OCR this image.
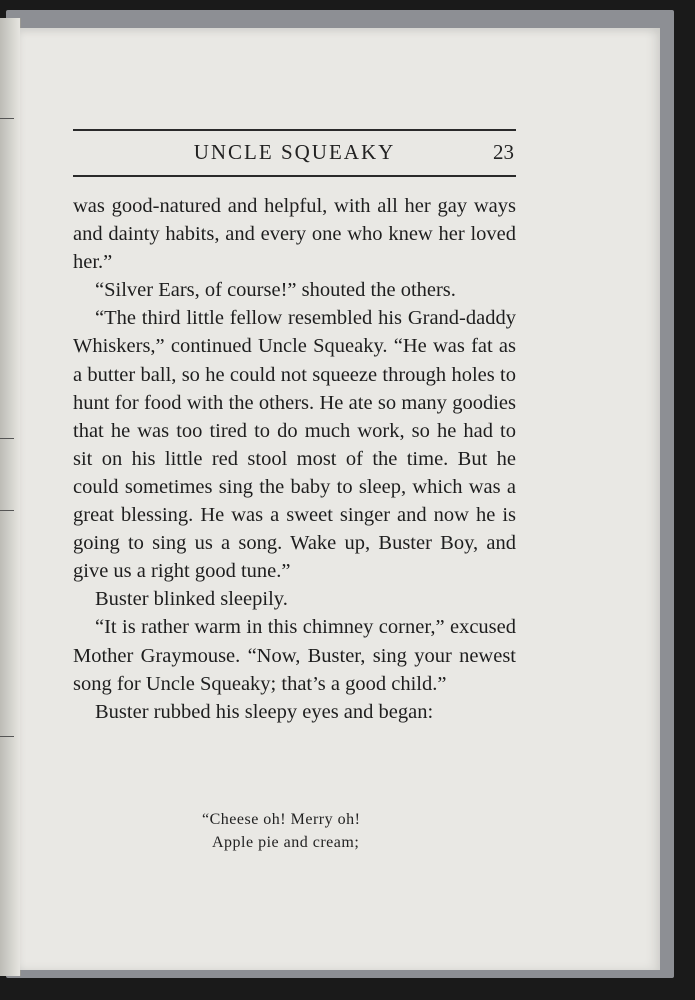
UNCLE SQUEAKY	23

was good-natured and helpful, with all her gay ways and dainty habits, and every one who knew her loved her.”

“Silver Ears, of course!” shouted the others.

“The third little fellow resembled his Grand-daddy Whiskers,” continued Uncle Squeaky. “He was fat as a butter ball, so he could not squeeze through holes to hunt for food with the others. He ate so many goodies that he was too tired to do much work, so he had to sit on his little red stool most of the time. But he could sometimes sing the baby to sleep, which was a great blessing. He was a sweet singer and now he is going to sing us a song. Wake up, Buster Boy, and give us a right good tune.”

Buster blinked sleepily.

“It is rather warm in this chimney corner,” excused Mother Graymouse. “Now, Buster, sing your newest song for Uncle Squeaky; that’s a good child.”

Buster rubbed his sleepy eyes and began:

“Cheese oh! Merry oh!
Apple pie and cream;
